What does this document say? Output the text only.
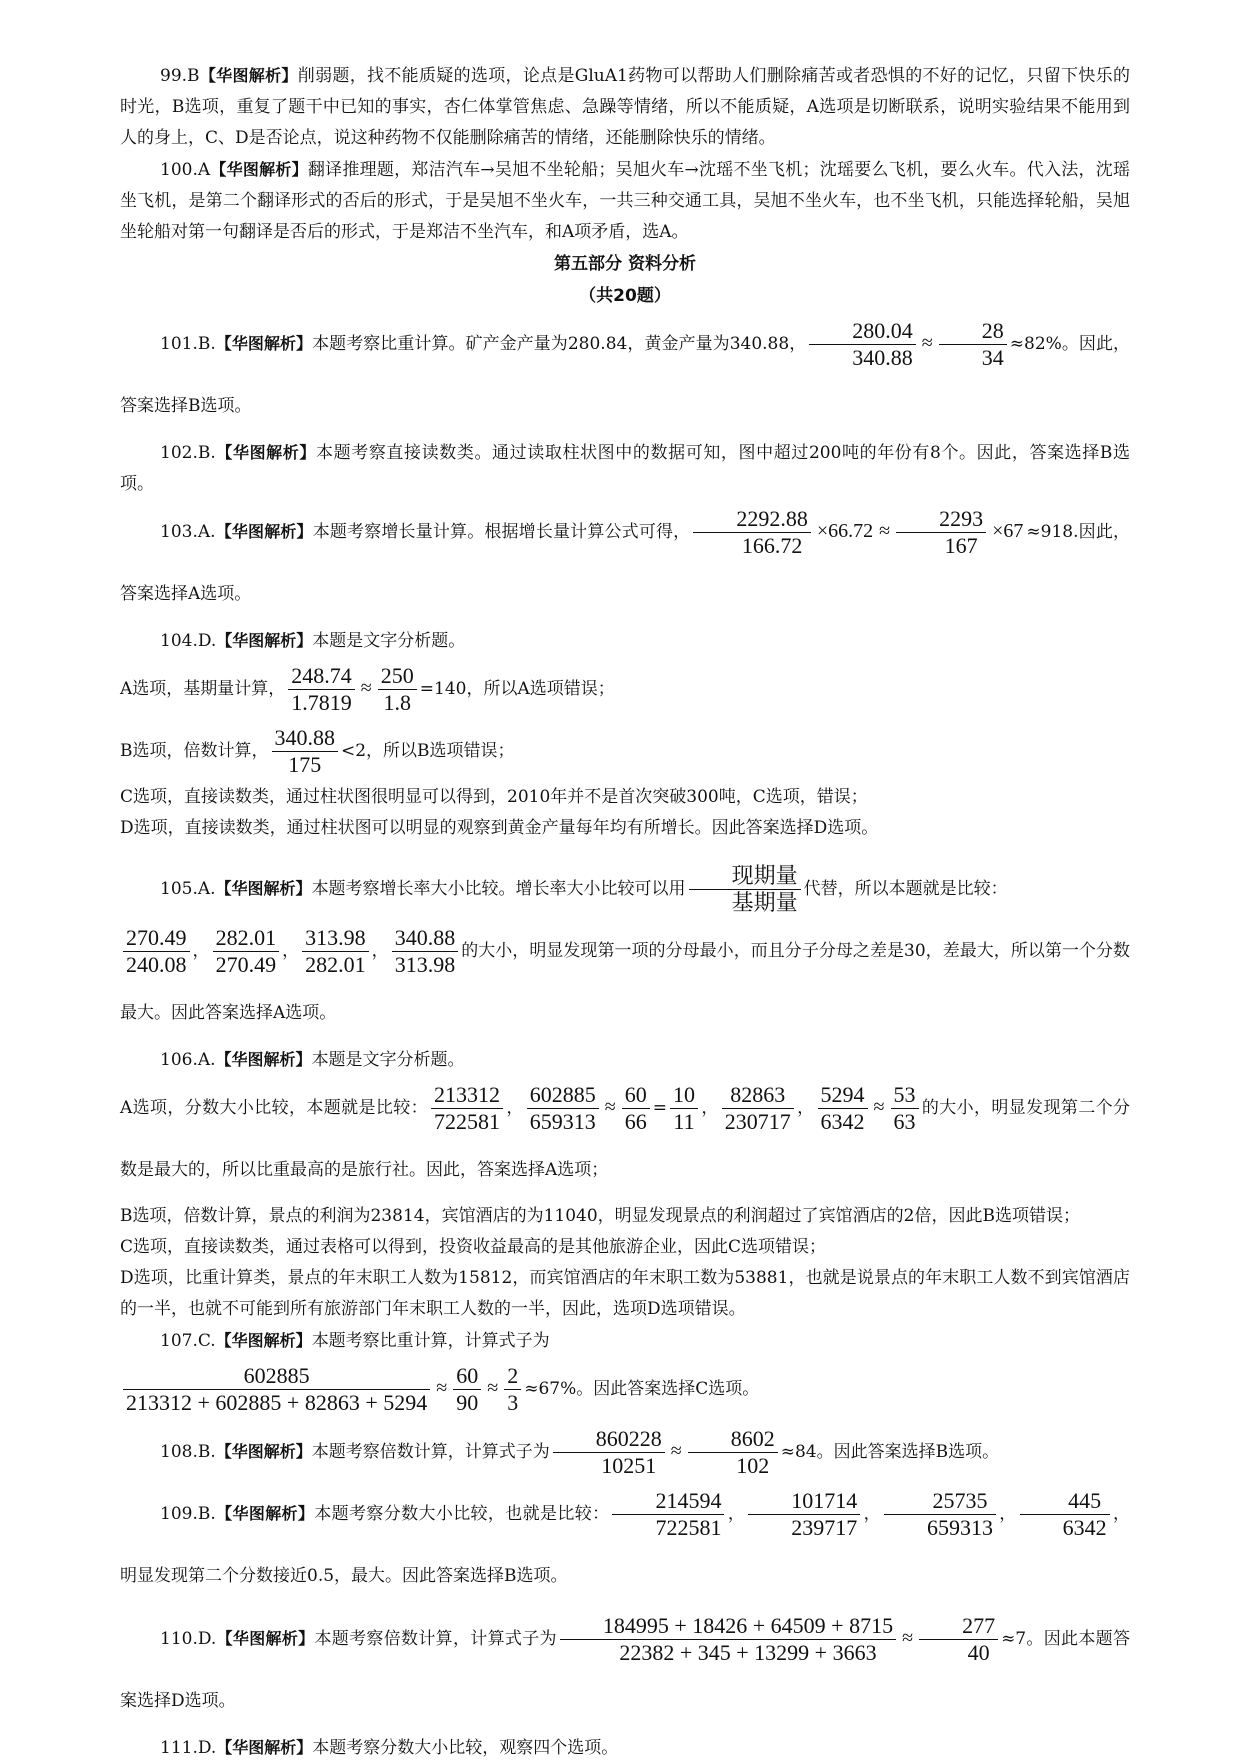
99.B【华图解析】削弱题，找不能质疑的选项，论点是GluA1药物可以帮助人们删除痛苦或者恐惧的不好的记忆，只留下快乐的时光，B选项，重复了题干中已知的事实，杏仁体掌管焦虑、急躁等情绪，所以不能质疑，A选项是切断联系，说明实验结果不能用到人的身上，C、D是否论点，说这种药物不仅能删除痛苦的情绪，还能删除快乐的情绪。

100.A【华图解析】翻译推理题，郑洁汽车→吴旭不坐轮船；吴旭火车→沈瑶不坐飞机；沈瑶要么飞机，要么火车。代入法，沈瑶坐飞机，是第二个翻译形式的否后的形式，于是吴旭不坐火车，一共三种交通工具，吴旭不坐火车，也不坐飞机，只能选择轮船，吴旭坐轮船对第一句翻译是否后的形式，于是郑洁不坐汽车，和A项矛盾，选A。

第五部分 资料分析

（共20题）

101.B.【华图解析】本题考察比重计算。矿产金产量为280.84，黄金产量为340.88， $\frac{280.04}{340.88} \approx \frac{28}{34} \approx 82\%$。因此，答案选择B选项。

102.B.【华图解析】本题考察直接读数类。通过读取柱状图中的数据可知，图中超过200吨的年份有8个。因此，答案选择B选项。

103.A.【华图解析】本题考察增长量计算。根据增长量计算公式可得， $\frac{2292.88}{166.72} \times 66.72 \approx \frac{2293}{167} \times 67 \approx 918$.因此，答案选择A选项。

104.D.【华图解析】本题是文字分析题。

A选项，基期量计算， $\frac{248.74}{1.7819} \approx \frac{250}{1.8} =140$，所以A选项错误；

B选项，倍数计算， $\frac{340.88}{175} <2$，所以B选项错误；

C选项，直接读数类，通过柱状图很明显可以得到，2010年并不是首次突破300吨，C选项，错误；

D选项，直接读数类，通过柱状图可以明显的观察到黄金产量每年均有所增长。因此答案选择D选项。

105.A.【华图解析】本题考察增长率大小比较。增长率大小比较可以用 $\frac{\text{现期量}}{\text{基期量}}$ 代替，所以本题就是比较：

$\frac{270.49}{240.08}$ ， $\frac{282.01}{270.49}$ ， $\frac{313.98}{282.01}$ ， $\frac{340.88}{313.98}$ 的大小，明显发现第一项的分母最小，而且分子分母之差是30，差最大，所以第一个分数最大。因此答案选择A选项。

106.A.【华图解析】本题是文字分析题。

A选项，分数大小比较，本题就是比较： $\frac{213312}{722581}$ ， $\frac{602885}{659313} \approx \frac{60}{66} = \frac{10}{11}$ ， $\frac{82863}{230717}$ ， $\frac{5294}{6342} \approx \frac{53}{63}$ 的大小，明显发现第二个分数是最大的，所以比重最高的是旅行社。因此，答案选择A选项；

B选项，倍数计算，景点的利润为23814，宾馆酒店的为11040，明显发现景点的利润超过了宾馆酒店的2倍，因此B选项错误；

C选项，直接读数类，通过表格可以得到，投资收益最高的是其他旅游企业，因此C选项错误；

D选项，比重计算类，景点的年末职工人数为15812，而宾馆酒店的年末职工数为53881，也就是说景点的年末职工人数不到宾馆酒店的一半，也就不可能到所有旅游部门年末职工人数的一半，因此，选项D选项错误。

107.C.【华图解析】本题考察比重计算，计算式子为

$\frac{602885}{213312 + 602885 + 82863 + 5294} \approx \frac{60}{90} \approx \frac{2}{3} \approx 67\%$。因此答案选择C选项。

108.B.【华图解析】本题考察倍数计算，计算式子为 $\frac{860228}{10251} \approx \frac{8602}{102} \approx 84$。因此答案选择B选项。

109.B.【华图解析】本题考察分数大小比较，也就是比较： $\frac{214594}{722581}$ ， $\frac{101714}{239717}$ ， $\frac{25735}{659313}$ ， $\frac{445}{6342}$ ，明显发现第二个分数接近0.5，最大。因此答案选择B选项。

110.D.【华图解析】本题考察倍数计算，计算式子为 $\frac{184995 + 18426 + 64509 + 8715}{22382 + 345 + 13299 + 3663} \approx \frac{277}{40} \approx 7$。因此本题答案选择D选项。

111.D.【华图解析】本题考察分数大小比较，观察四个选项。
